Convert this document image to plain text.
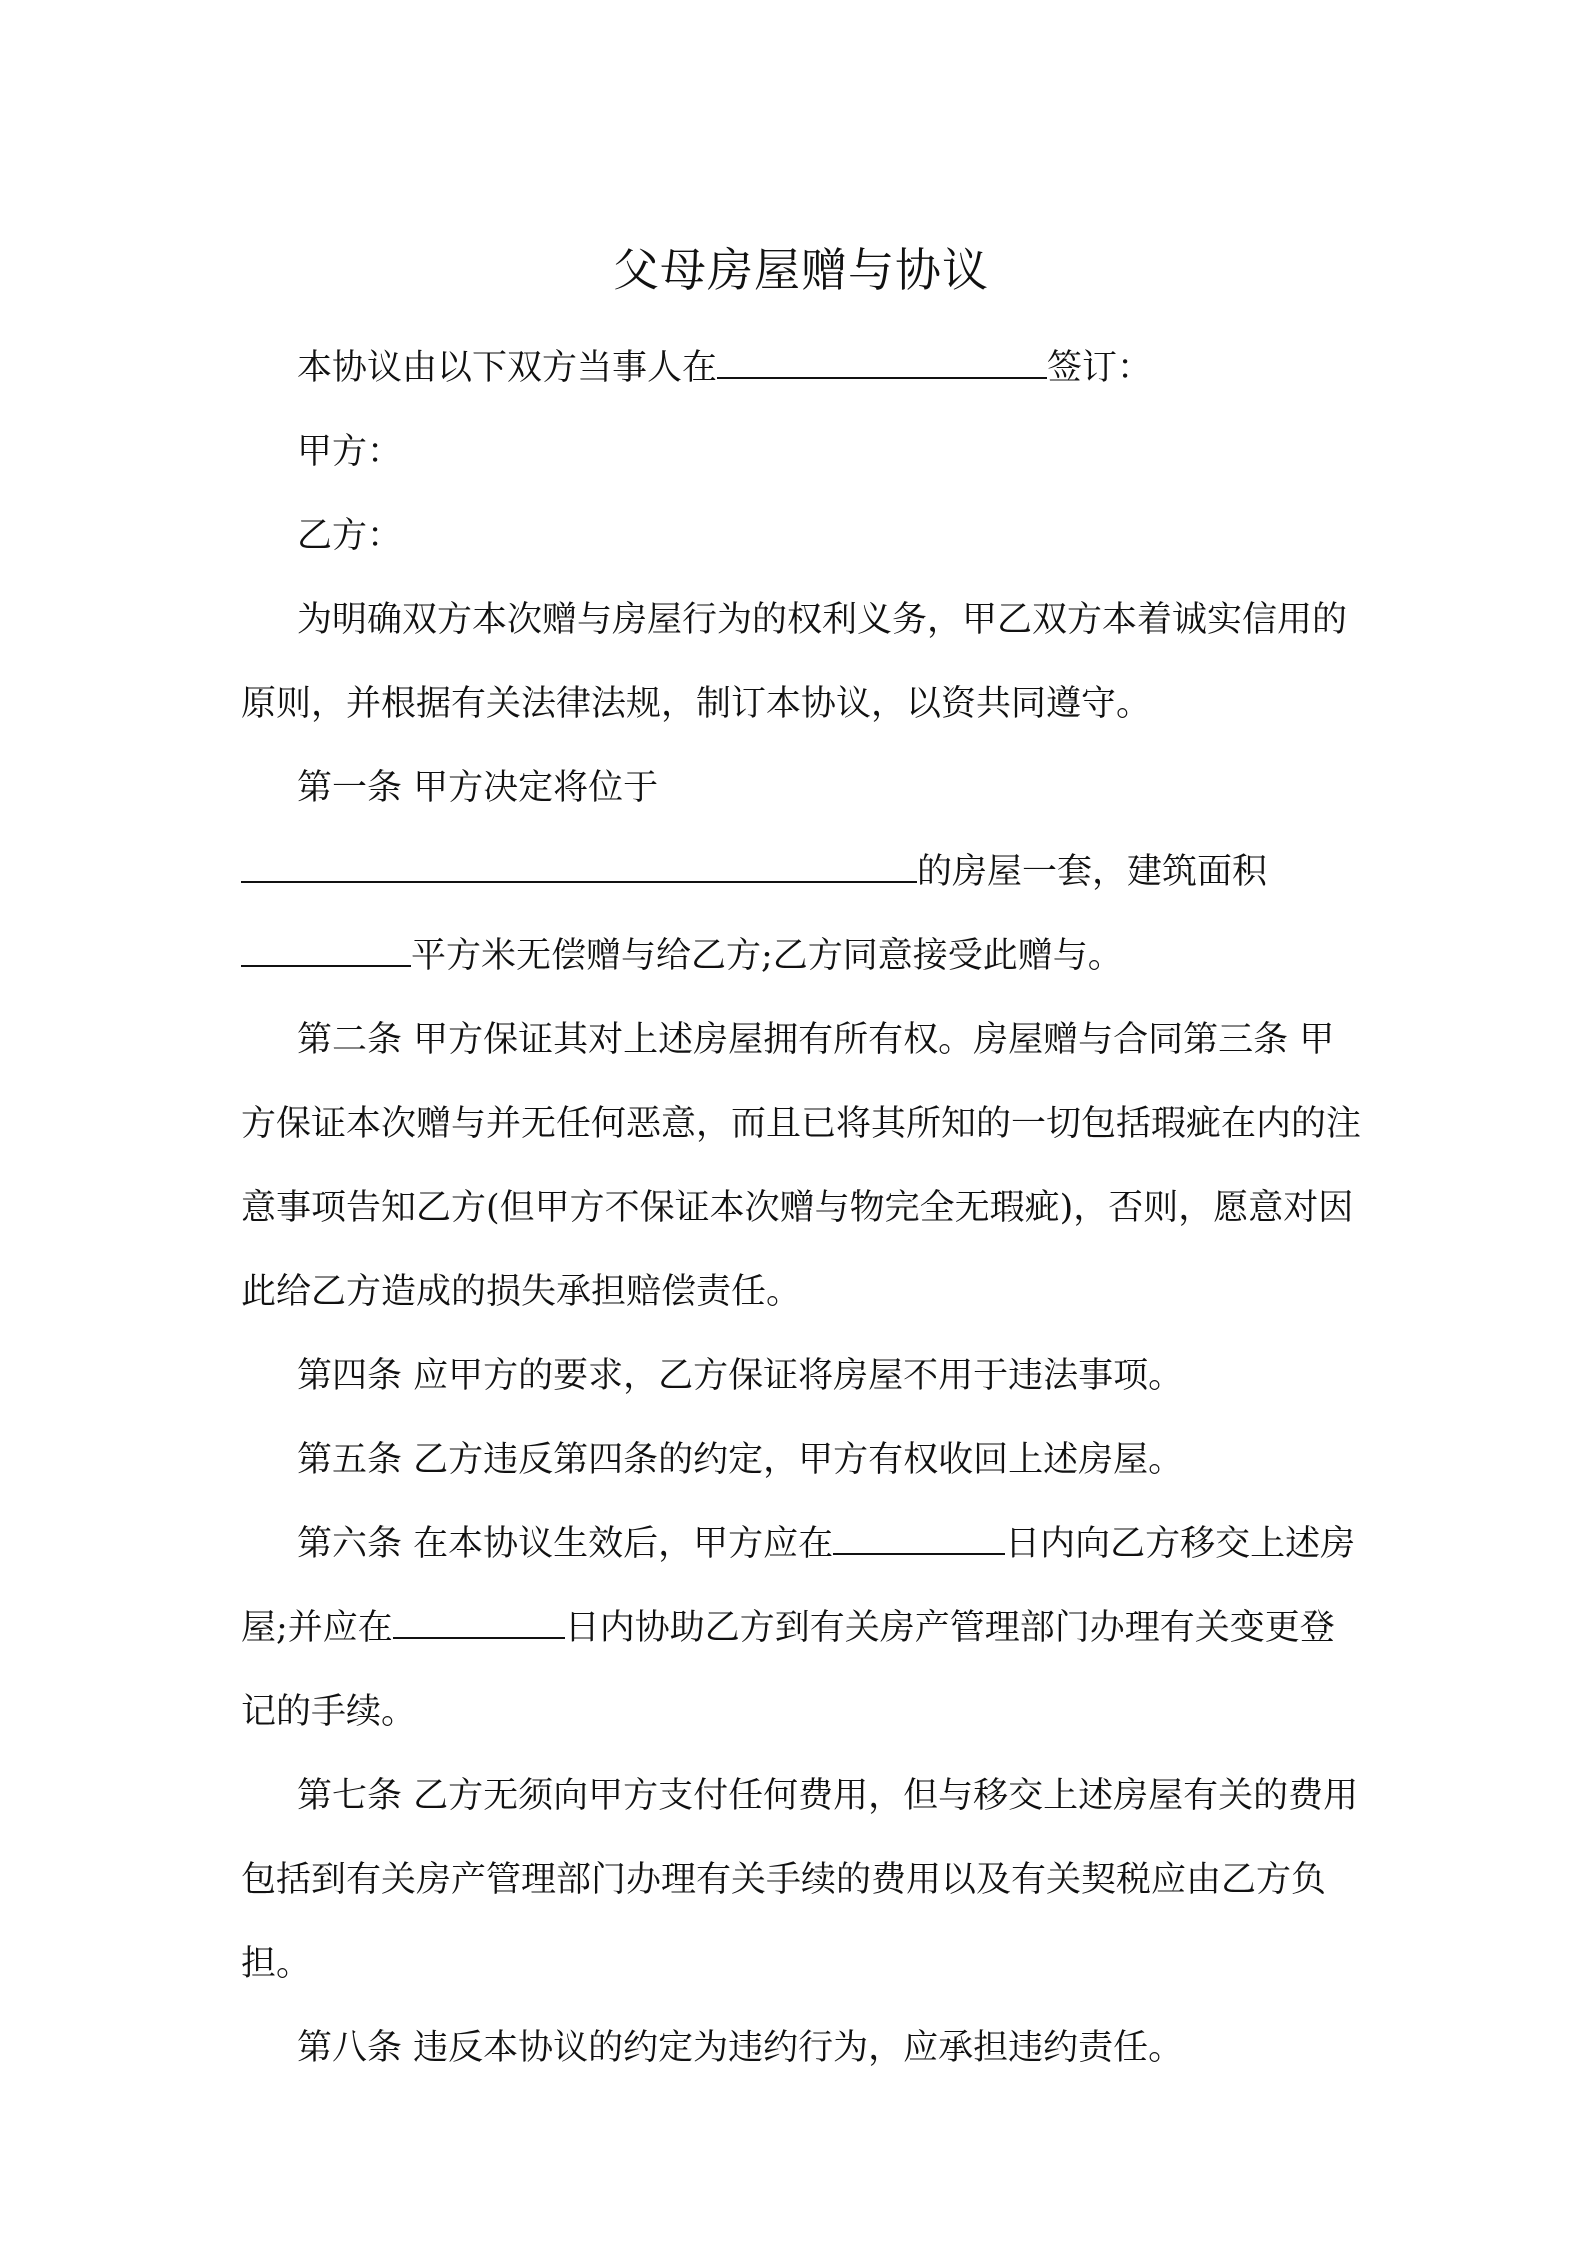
父母房屋赠与协议

本协议由以下双方当事人在	签订：

甲方：

乙方：

为明确双方本次赠与房屋行为的权利义务，甲乙双方本着诚实信用的原则，并根据有关法律法规，制订本协议，以资共同遵守。

第一条 甲方决定将位于

的房屋一套，建筑面积

平方米无偿赠与给乙方;乙方同意接受此赠与。

第二条 甲方保证其对上述房屋拥有所有权。房屋赠与合同第三条 甲方保证本次赠与并无任何恶意，而且已将其所知的一切包括瑕疵在内的注意事项告知乙方(但甲方不保证本次赠与物完全无瑕疵)，否则，愿意对因此给乙方造成的损失承担赔偿责任。

第四条 应甲方的要求，乙方保证将房屋不用于违法事项。

第五条 乙方违反第四条的约定，甲方有权收回上述房屋。

第六条 在本协议生效后，甲方应在	日内向乙方移交上述房屋;并应在	日内协助乙方到有关房产管理部门办理有关变更登记的手续。

第七条 乙方无须向甲方支付任何费用，但与移交上述房屋有关的费用包括到有关房产管理部门办理有关手续的费用以及有关契税应由乙方负担。

第八条 违反本协议的约定为违约行为，应承担违约责任。
